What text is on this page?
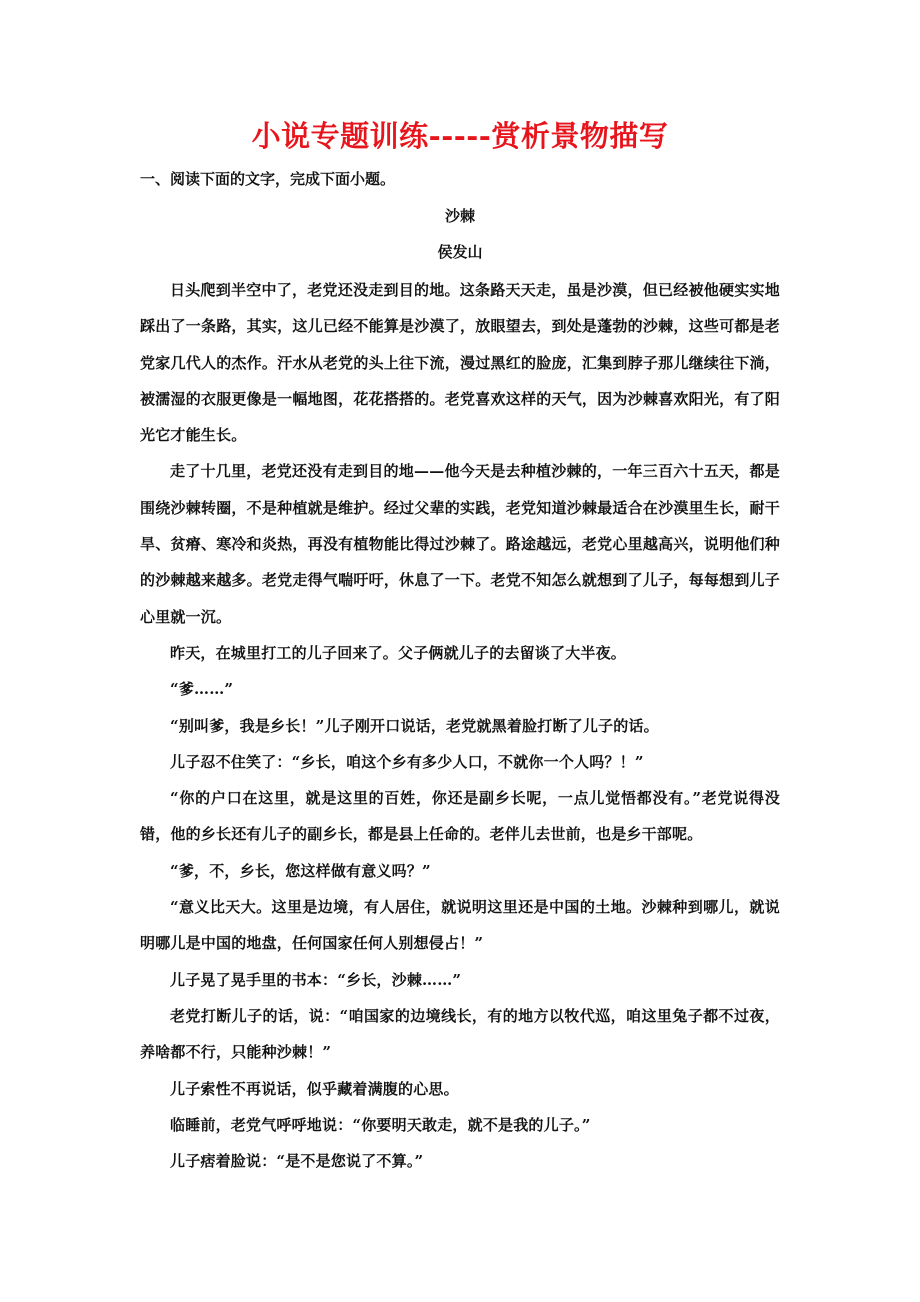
小说专题训练-----赏析景物描写
一、阅读下面的文字，完成下面小题。
沙棘
侯发山

日头爬到半空中了，老党还没走到目的地。这条路天天走，虽是沙漠，但已经被他硬实实地踩出了一条路，其实，这儿已经不能算是沙漠了，放眼望去，到处是蓬勃的沙棘，这些可都是老党家几代人的杰作。汗水从老党的头上往下流，漫过黑红的脸庞，汇集到脖子那儿继续往下淌，被濡湿的衣服更像是一幅地图，花花搭搭的。老党喜欢这样的天气，因为沙棘喜欢阳光，有了阳光它才能生长。

走了十几里，老党还没有走到目的地——他今天是去种植沙棘的，一年三百六十五天，都是围绕沙棘转圈，不是种植就是维护。经过父辈的实践，老党知道沙棘最适合在沙漠里生长，耐干旱、贫瘠、寒冷和炎热，再没有植物能比得过沙棘了。路途越远，老党心里越高兴，说明他们种的沙棘越来越多。老党走得气喘吁吁，休息了一下。老党不知怎么就想到了儿子，每每想到儿子心里就一沉。

昨天，在城里打工的儿子回来了。父子俩就儿子的去留谈了大半夜。

“爹……”

“别叫爹，我是乡长！”儿子刚开口说话，老党就黑着脸打断了儿子的话。

儿子忍不住笑了：“乡长，咱这个乡有多少人口，不就你一个人吗？！”

“你的户口在这里，就是这里的百姓，你还是副乡长呢，一点儿觉悟都没有。”老党说得没错，他的乡长还有儿子的副乡长，都是县上任命的。老伴儿去世前，也是乡干部呢。

“爹，不，乡长，您这样做有意义吗？”

“意义比天大。这里是边境，有人居住，就说明这里还是中国的土地。沙棘种到哪儿，就说明哪儿是中国的地盘，任何国家任何人别想侵占！”

儿子晃了晃手里的书本：“乡长，沙棘……”

老党打断儿子的话，说：“咱国家的边境线长，有的地方以牧代巡，咱这里兔子都不过夜，养啥都不行，只能种沙棘！”

儿子索性不再说话，似乎藏着满腹的心思。

临睡前，老党气呼呼地说：“你要明天敢走，就不是我的儿子。”

儿子痞着脸说：“是不是您说了不算。”
